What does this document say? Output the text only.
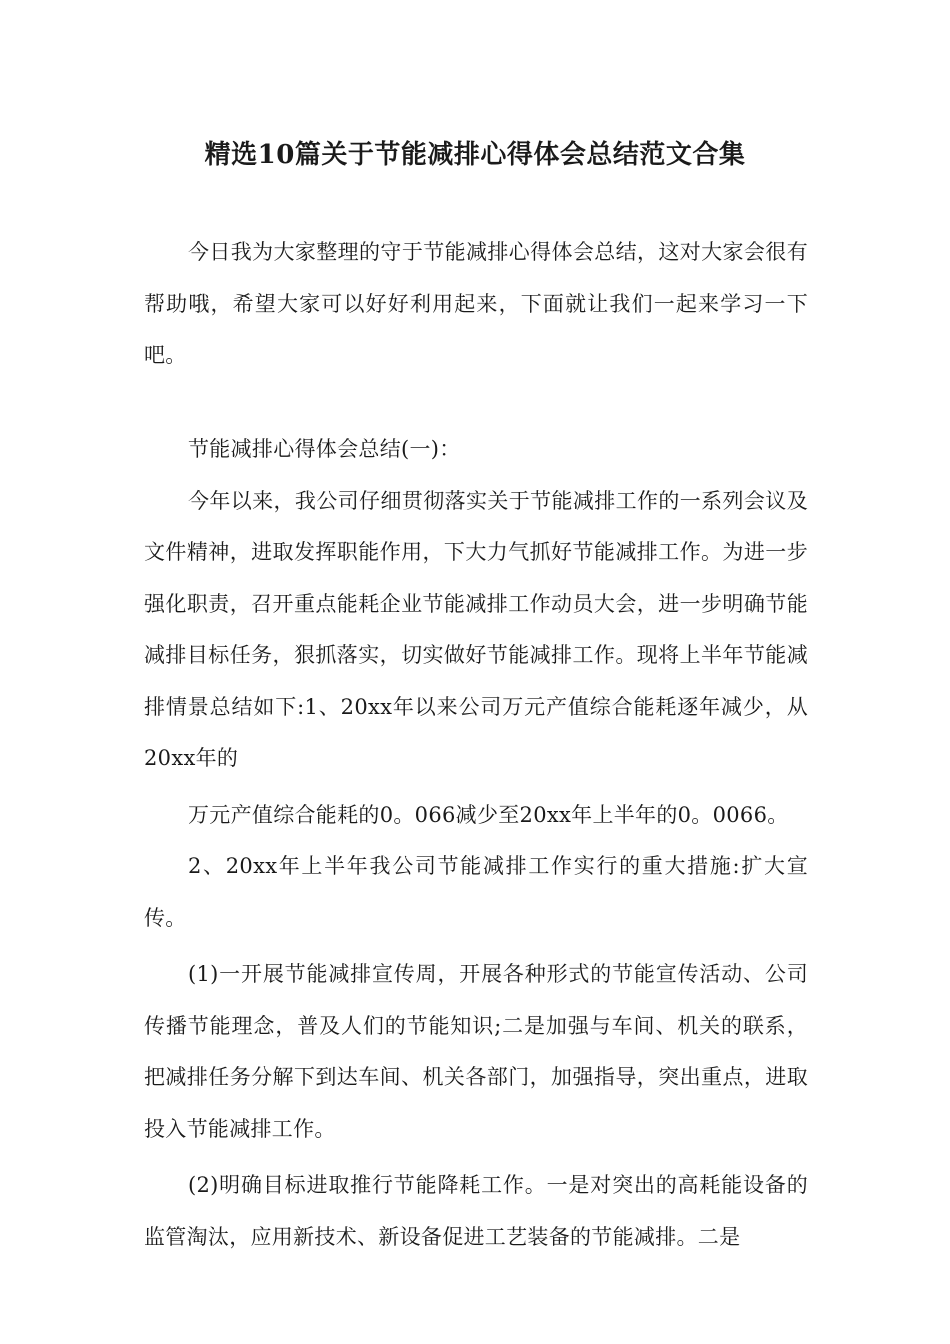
精选10篇关于节能减排心得体会总结范文合集

今日我为大家整理的守于节能减排心得体会总结，这对大家会很有帮助哦，希望大家可以好好利用起来，下面就让我们一起来学习一下吧。

节能减排心得体会总结(一)：

今年以来，我公司仔细贯彻落实关于节能减排工作的一系列会议及文件精神，进取发挥职能作用，下大力气抓好节能减排工作。为进一步强化职责，召开重点能耗企业节能减排工作动员大会，进一步明确节能减排目标任务，狠抓落实，切实做好节能减排工作。现将上半年节能减排情景总结如下:1、20xx年以来公司万元产值综合能耗逐年减少，从20xx年的

万元产值综合能耗的0。066减少至20xx年上半年的0。0066。

2、20xx年上半年我公司节能减排工作实行的重大措施:扩大宣传。

(1)一开展节能减排宣传周，开展各种形式的节能宣传活动、公司传播节能理念，普及人们的节能知识;二是加强与车间、机关的联系，把减排任务分解下到达车间、机关各部门，加强指导，突出重点，进取投入节能减排工作。

(2)明确目标进取推行节能降耗工作。一是对突出的高耗能设备的监管淘汰，应用新技术、新设备促进工艺装备的节能减排。二是
